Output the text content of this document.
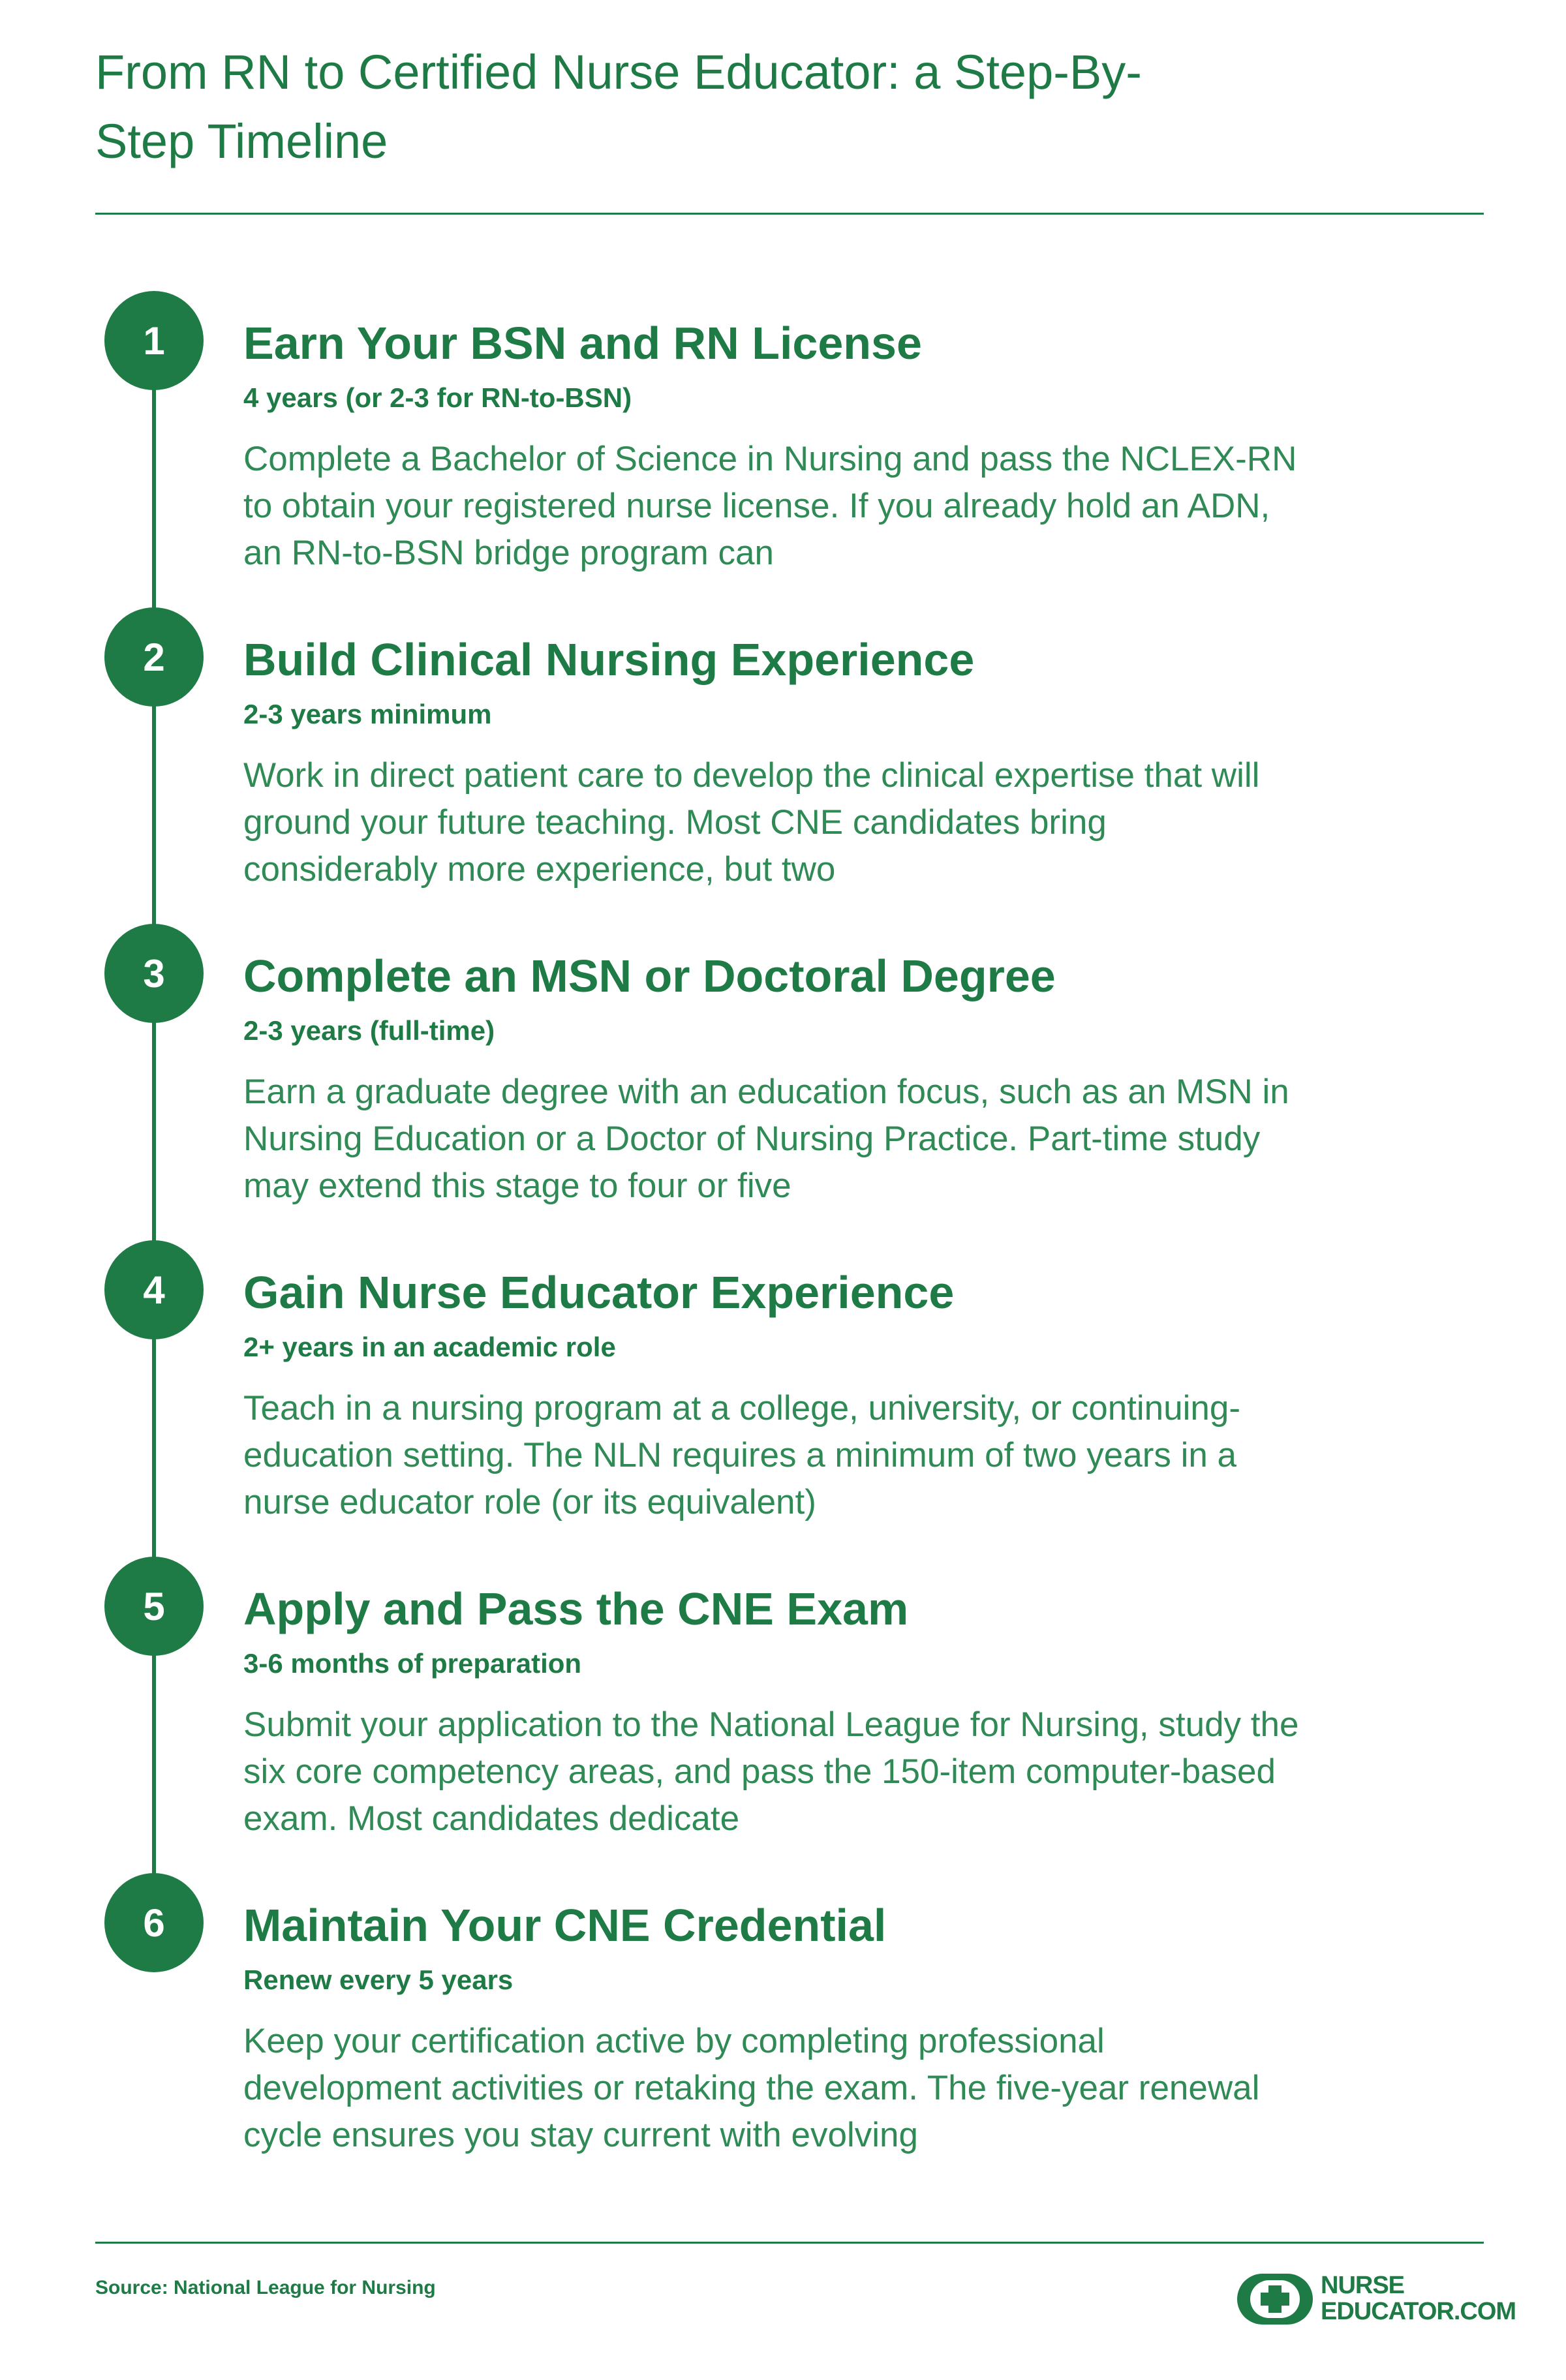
From RN to Certified Nurse Educator: a Step-By-Step Timeline
1	Earn Your BSN and RN License
4 years (or 2-3 for RN-to-BSN)

Complete a Bachelor of Science in Nursing and pass the NCLEX-RN to obtain your registered nurse license. If you already hold an ADN, an RN-to-BSN bridge program can

2	Build Clinical Nursing Experience
2-3 years minimum

Work in direct patient care to develop the clinical expertise that will ground your future teaching. Most CNE candidates bring considerably more experience, but two

3	Complete an MSN or Doctoral Degree
2-3 years (full-time)

Earn a graduate degree with an education focus, such as an MSN in Nursing Education or a Doctor of Nursing Practice. Part-time study may extend this stage to four or five

4	Gain Nurse Educator Experience
2+ years in an academic role

Teach in a nursing program at a college, university, or continuing-education setting. The NLN requires a minimum of two years in a nurse educator role (or its equivalent)

5	Apply and Pass the CNE Exam
3-6 months of preparation

Submit your application to the National League for Nursing, study the six core competency areas, and pass the 150-item computer-based exam. Most candidates dedicate

6	Maintain Your CNE Credential
Renew every 5 years

Keep your certification active by completing professional development activities or retaking the exam. The five-year renewal cycle ensures you stay current with evolving

Source: National League for Nursing	NURSE
EDUCATOR.COM
